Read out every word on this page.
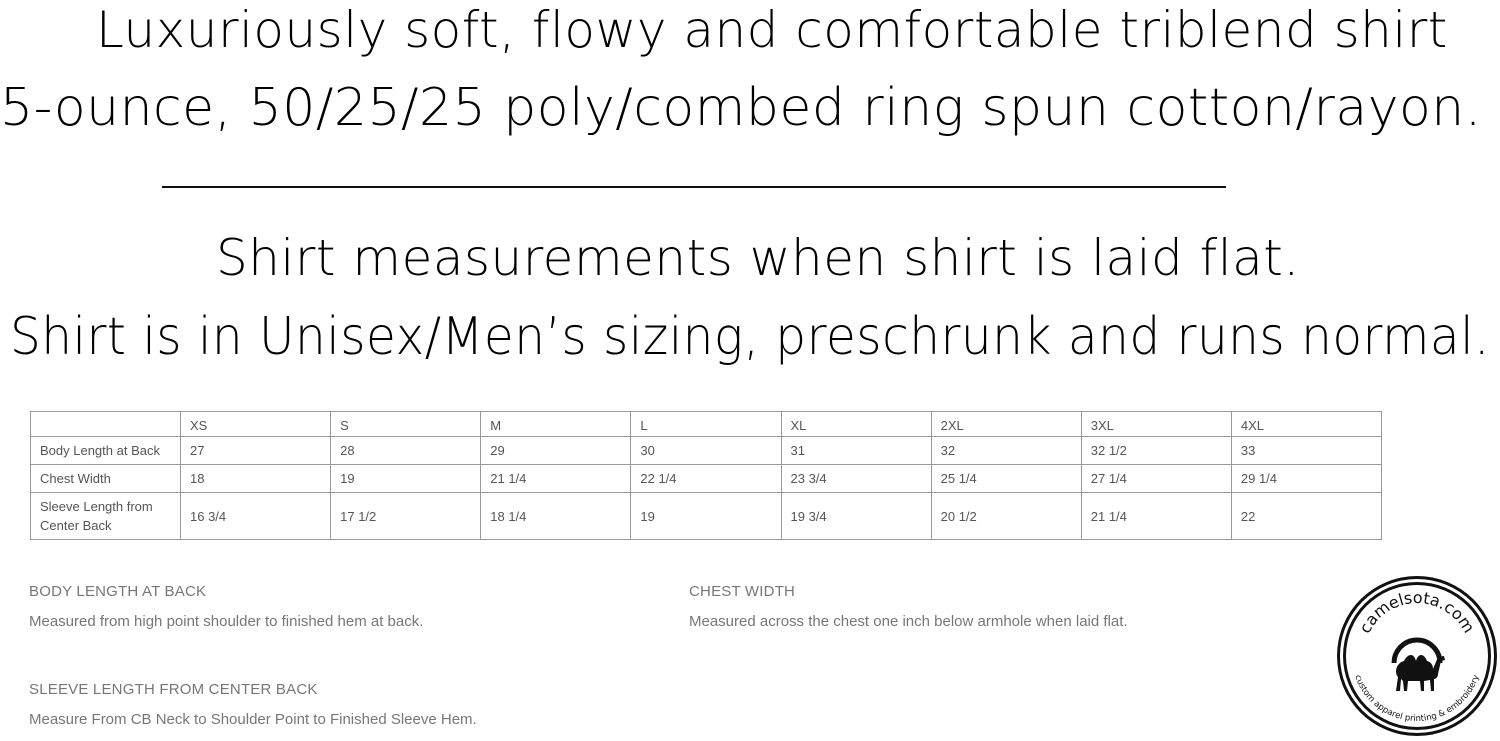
Luxuriously soft, flowy and comfortable triblend shirt
5-ounce, 50/25/25 poly/combed ring spun cotton/rayon.
Shirt measurements when shirt is laid flat.
Shirt is in Unisex/Men’s sizing, preschrunk and runs normal.
	XS	S	M	L	XL	2XL	3XL	4XL
Body Length at Back	27	28	29	30	31	32	32 1/2	33
Chest Width	18	19	21 1/4	22 1/4	23 3/4	25 1/4	27 1/4	29 1/4
Sleeve Length from Center Back	16 3/4	17 1/2	18 1/4	19	19 3/4	20 1/2	21 1/4	22
BODY LENGTH AT BACK
Measured from high point shoulder to finished hem at back.
CHEST WIDTH
Measured across the chest one inch below armhole when laid flat.
SLEEVE LENGTH FROM CENTER BACK
Measure From CB Neck to Shoulder Point to Finished Sleeve Hem.
camelsota.com
custom apparel printing & embroidery
